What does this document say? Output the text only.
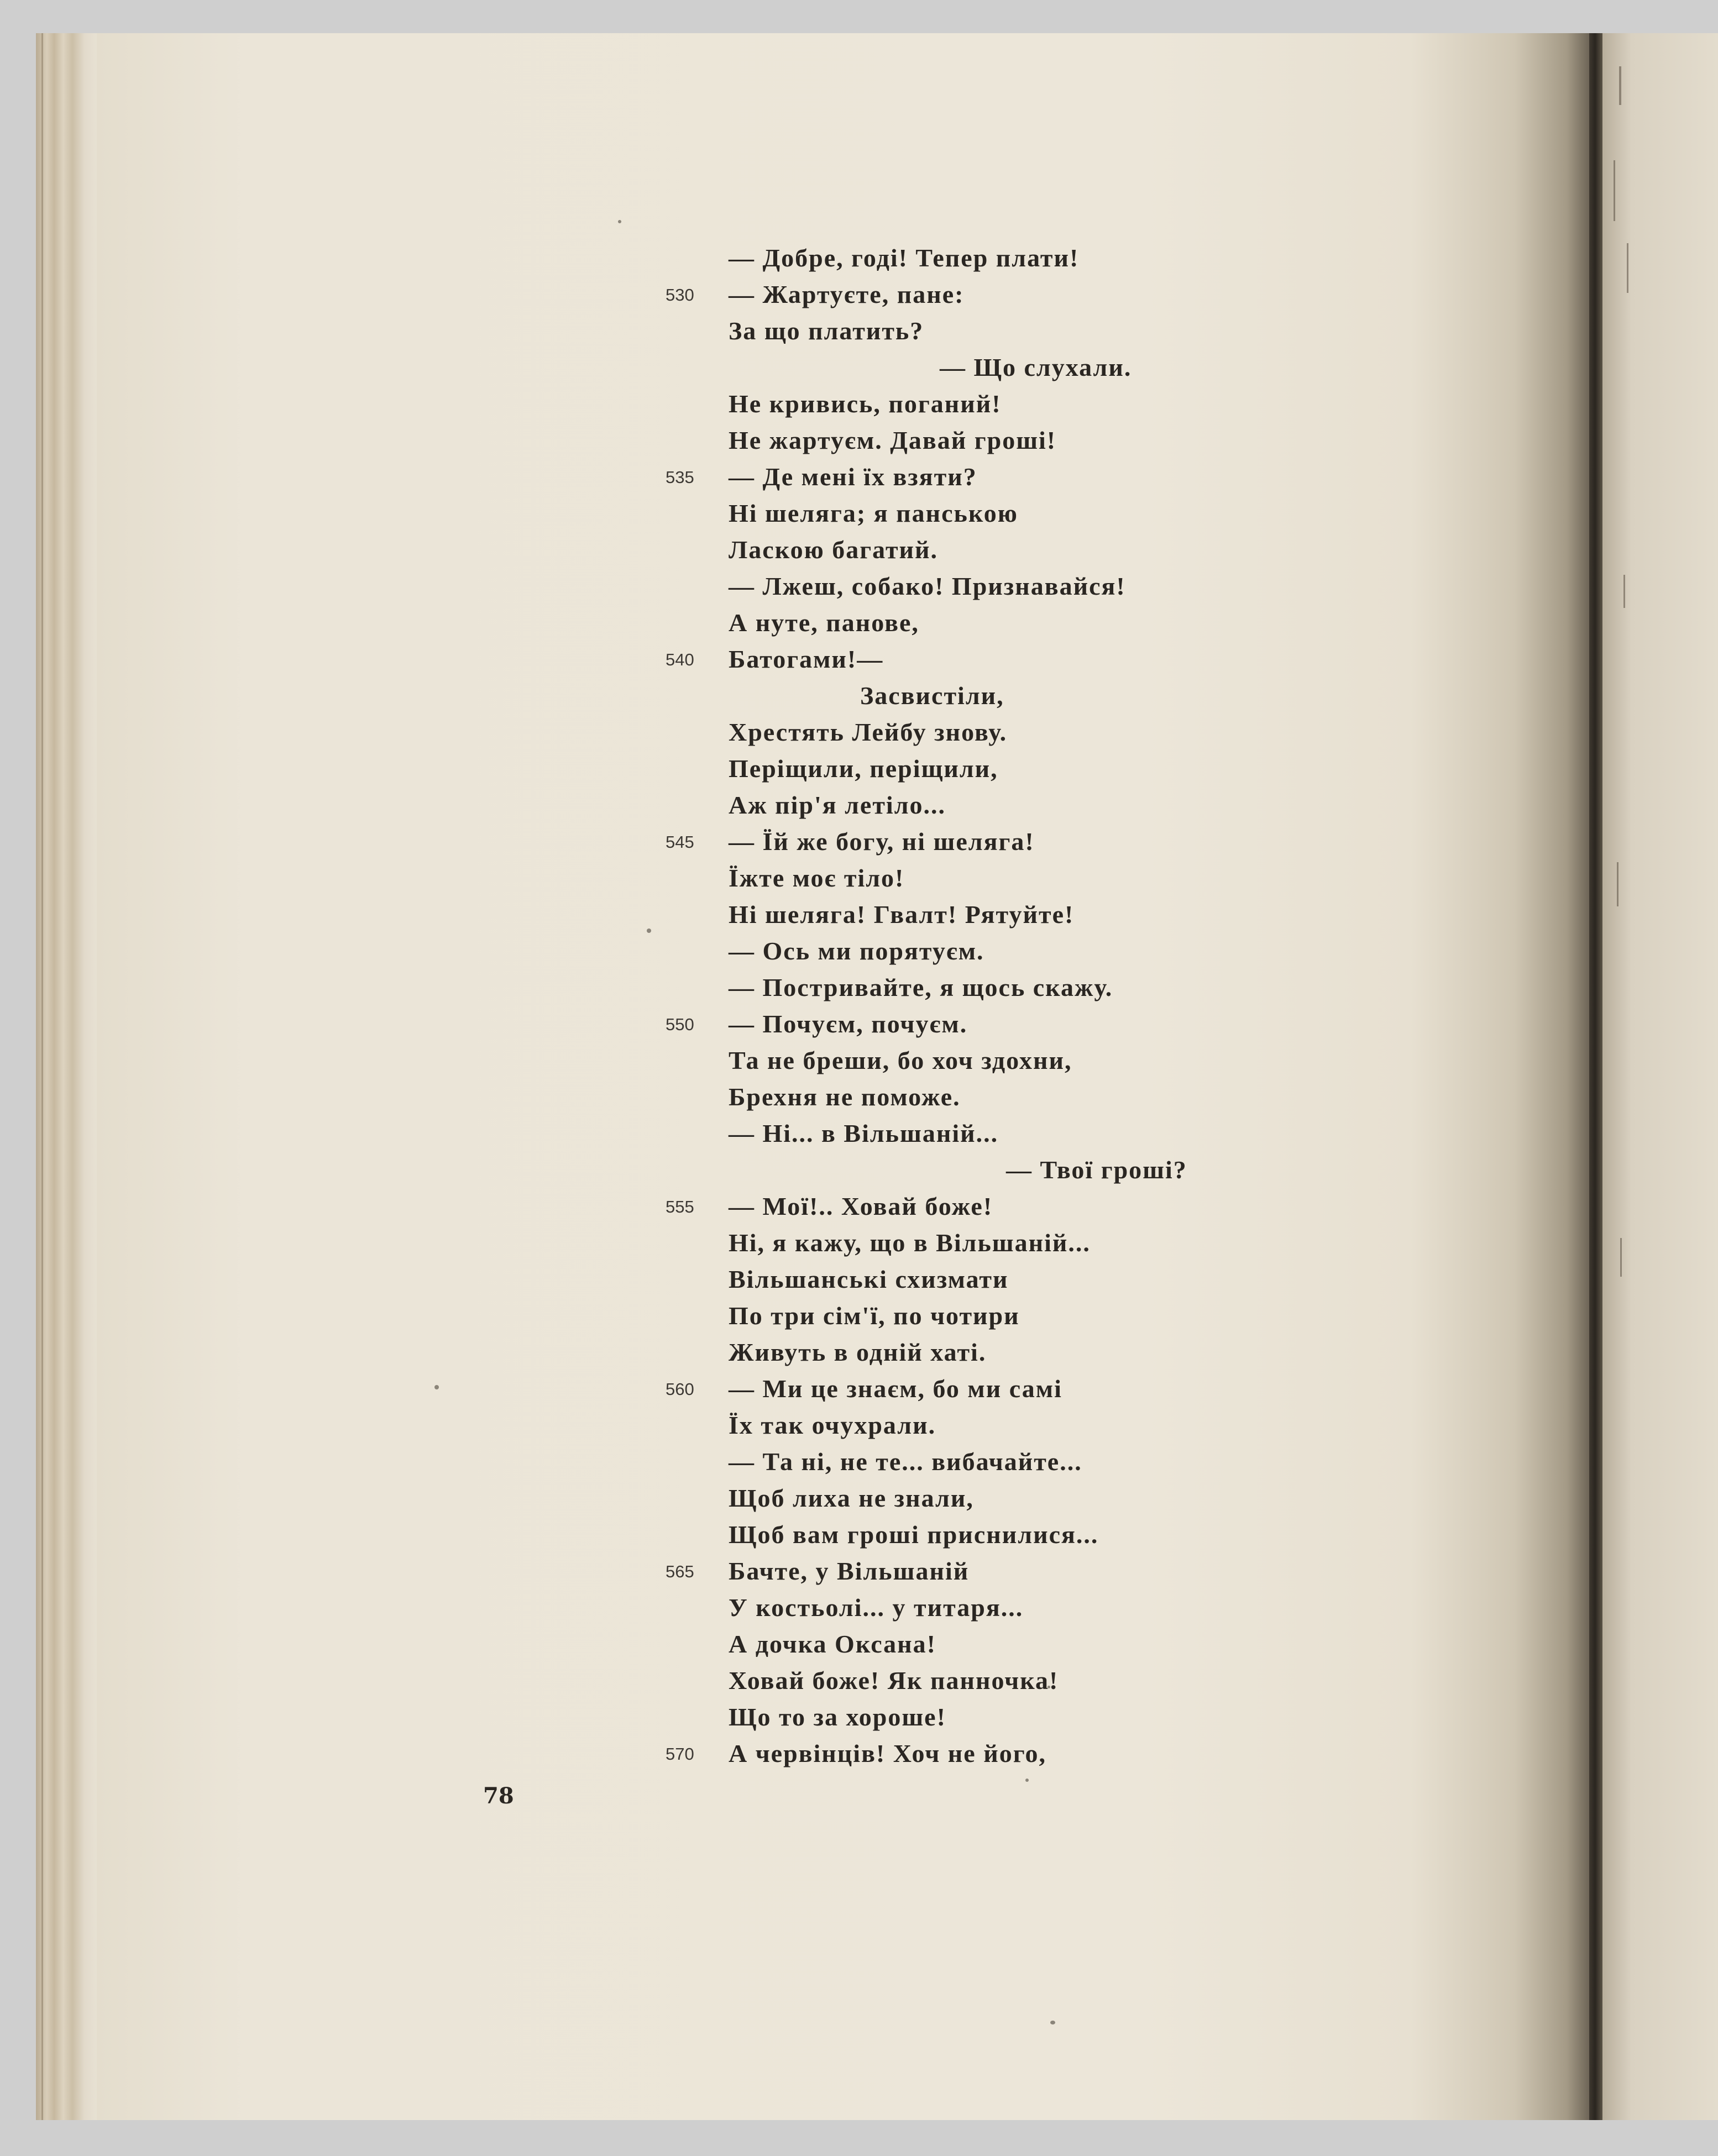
— Добре, годі! Тепер плати!
530 — Жартуєте, пане:
За що платить?
— Що слухали.
Не кривись, поганий!
Не жартуєм. Давай гроші!
535 — Де мені їх взяти?
Ні шеляга; я панською
Ласкою багатий.
— Лжеш, собако! Признавайся!
А нуте, панове,
540 Батогами!—
Засвистіли,
Хрестять Лейбу знову.
Періщили, періщили,
Аж пір'я летіло...
545 — Їй же богу, ні шеляга!
Їжте моє тіло!
Ні шеляга! Гвалт! Рятуйте!
— Ось ми порятуєм.
— Постривайте, я щось скажу.
550 — Почуєм, почуєм.
Та не бреши, бо хоч здохни,
Брехня не поможе.
— Ні... в Вільшаній...
— Твої гроші?
555 — Мої!.. Ховай боже!
Ні, я кажу, що в Вільшаній...
Вільшанські схизмати
По три сім'ї, по чотири
Живуть в одній хаті.
560 — Ми це знаєм, бо ми самі
Їх так очухрали.
— Та ні, не те... вибачайте...
Щоб лиха не знали,
Щоб вам гроші приснилися...
565 Бачте, у Вільшаній
У костьолі... у титаря...
А дочка Оксана!
Ховай боже! Як панночка!
Що то за хороше!
570 А червінців! Хоч не його,
78
